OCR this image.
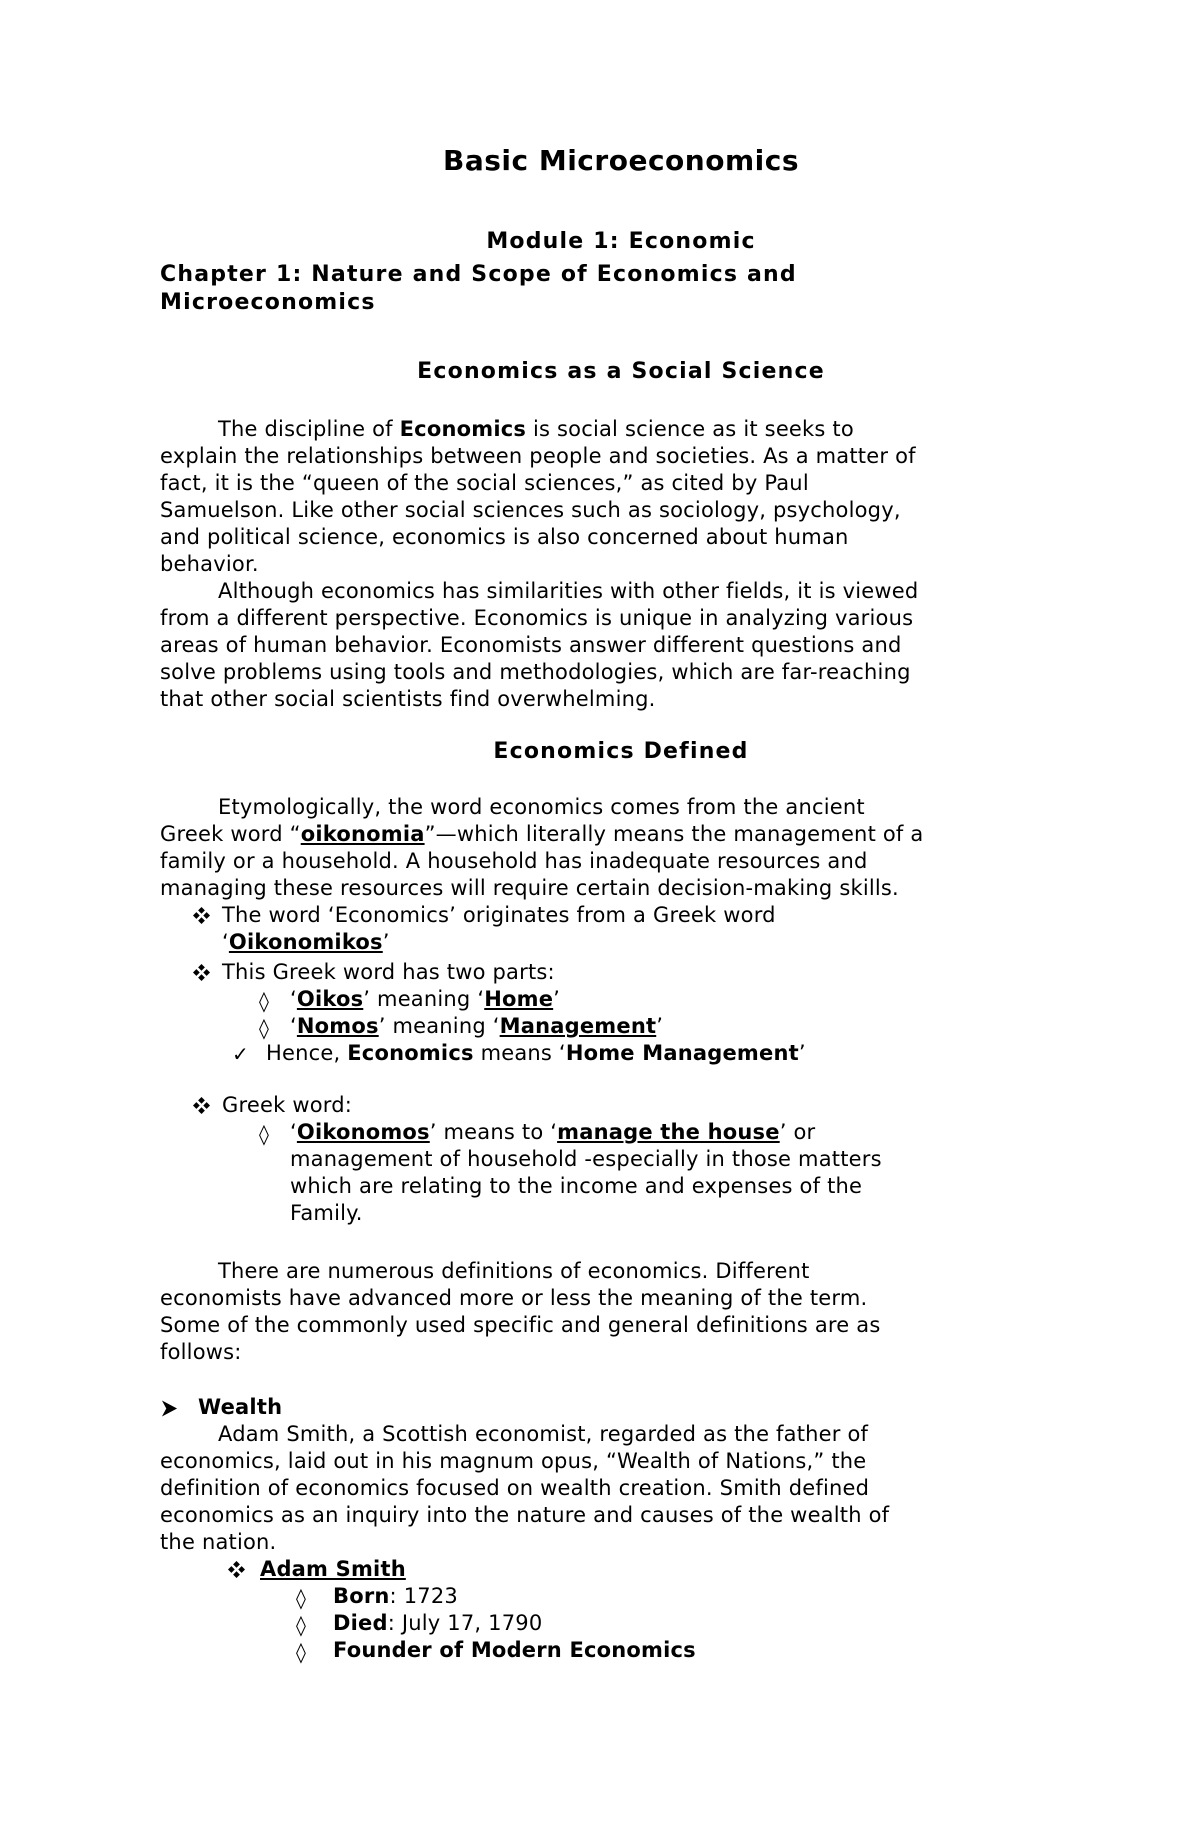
Basic Microeconomics
Module 1: Economic
Chapter 1: Nature and Scope of Economics and
Microeconomics
Economics as a Social Science
The discipline of Economics is social science as it seeks to
explain the relationships between people and societies. As a matter of
fact, it is the “queen of the social sciences,” as cited by Paul
Samuelson. Like other social sciences such as sociology, psychology,
and political science, economics is also concerned about human
behavior.
Although economics has similarities with other fields, it is viewed
from a different perspective. Economics is unique in analyzing various
areas of human behavior. Economists answer different questions and
solve problems using tools and methodologies, which are far-reaching
that other social scientists find overwhelming.
Economics Defined
Etymologically, the word economics comes from the ancient
Greek word “oikonomia”—which literally means the management of a
family or a household. A household has inadequate resources and
managing these resources will require certain decision-making skills.
The word ‘Economics’ originates from a Greek word
‘Oikonomikos’
This Greek word has two parts:
◊ ‘Oikos’ meaning ‘Home’
◊ ‘Nomos’ meaning ‘Management’
✓ Hence, Economics means ‘Home Management’
Greek word:
◊ ‘Oikonomos’ means to ‘manage the house’ or
management of household -especially in those matters
which are relating to the income and expenses of the
Family.
There are numerous definitions of economics. Different
economists have advanced more or less the meaning of the term.
Some of the commonly used specific and general definitions are as
follows:
Wealth
Adam Smith, a Scottish economist, regarded as the father of
economics, laid out in his magnum opus, “Wealth of Nations,” the
definition of economics focused on wealth creation. Smith defined
economics as an inquiry into the nature and causes of the wealth of
the nation.
Adam Smith
◊ Born: 1723
◊ Died: July 17, 1790
◊ Founder of Modern Economics
